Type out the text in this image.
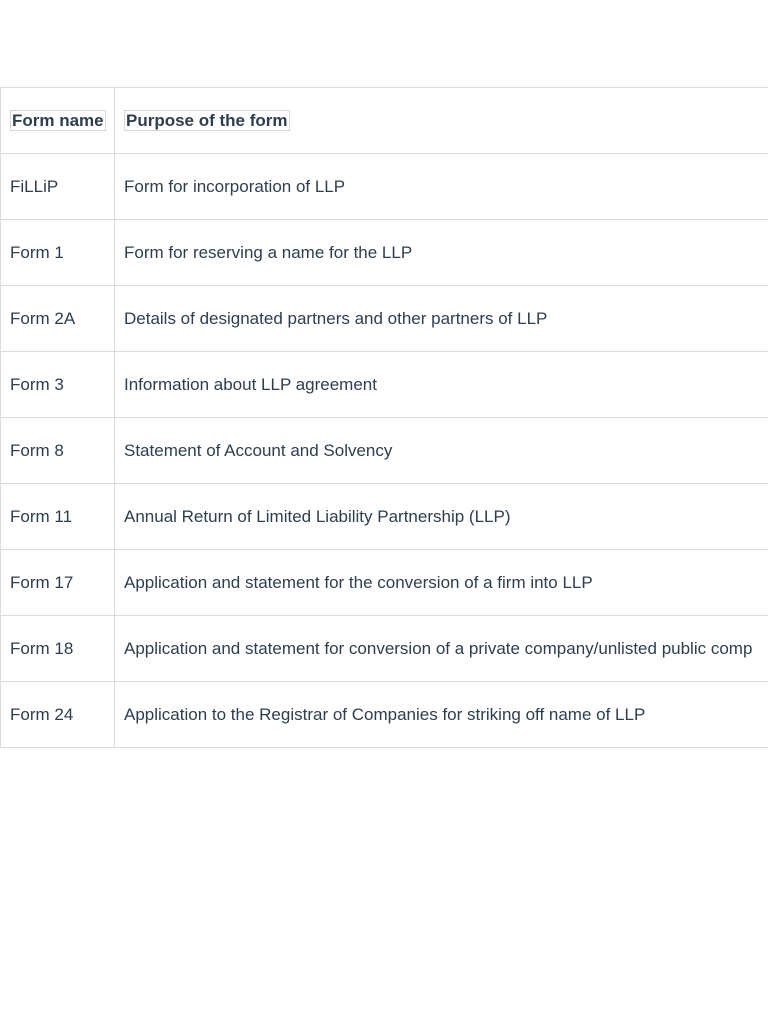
Form name	Purpose of the form
FiLLiP	Form for incorporation of LLP
Form 1	Form for reserving a name for the LLP
Form 2A	Details of designated partners and other partners of LLP
Form 3	Information about LLP agreement
Form 8	Statement of Account and Solvency
Form 11	Annual Return of Limited Liability Partnership (LLP)
Form 17	Application and statement for the conversion of a firm into LLP
Form 18	Application and statement for conversion of a private company/unlisted public comp
Form 24	Application to the Registrar of Companies for striking off name of LLP
